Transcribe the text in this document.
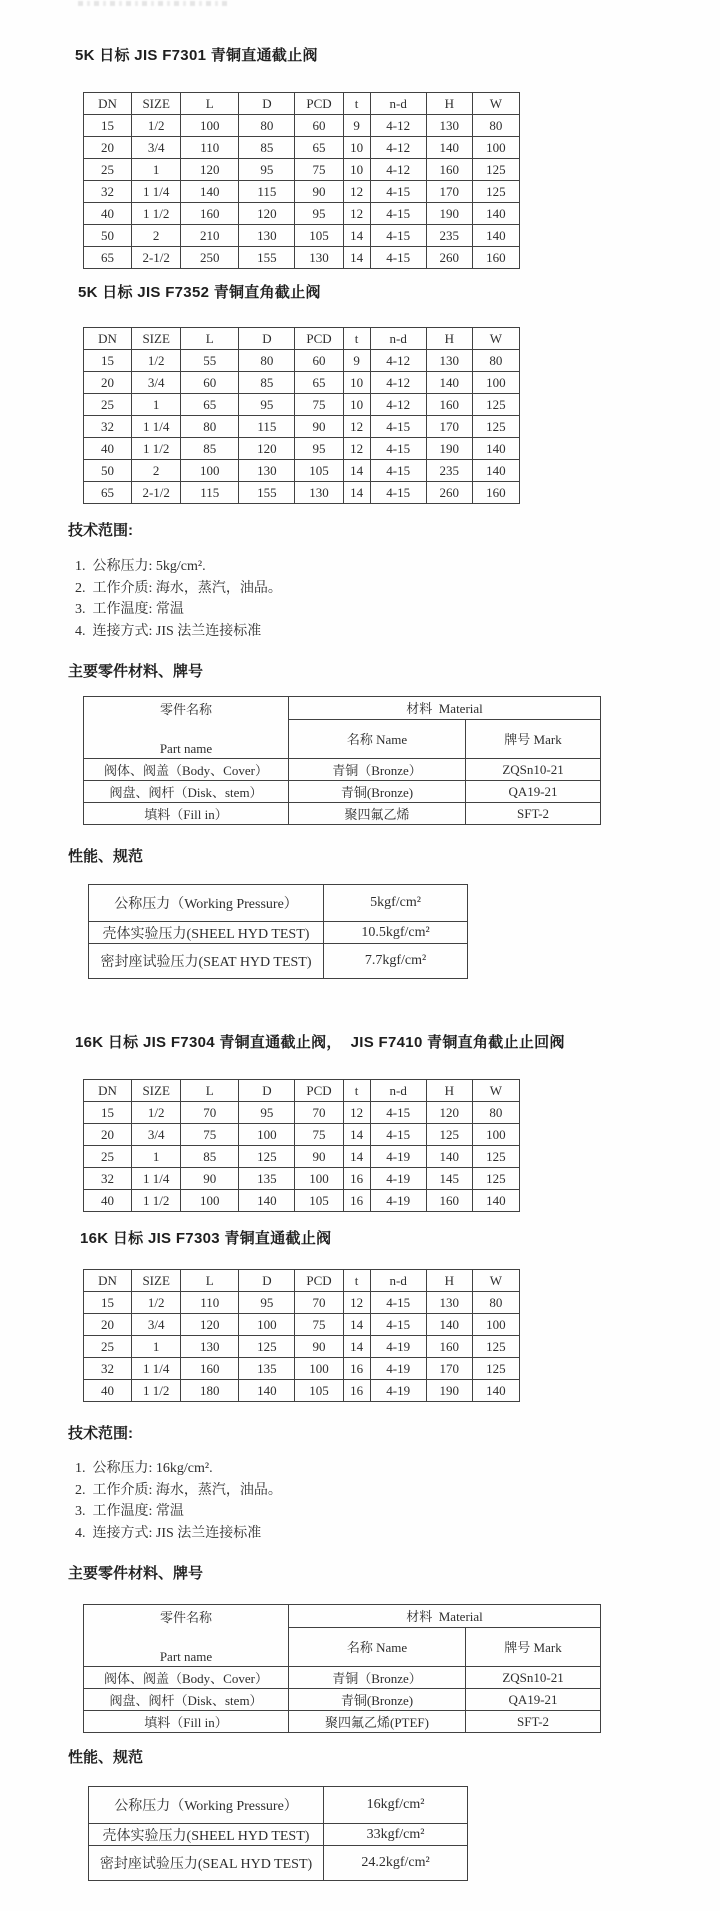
5K 日标 JIS F7301 青铜直通截止阀
DN	SIZE	L	D	PCD	t	n-d	H	W
15	1/2	100	80	60	9	4-12	130	80
20	3/4	110	85	65	10	4-12	140	100
25	1	120	95	75	10	4-12	160	125
32	1 1/4	140	115	90	12	4-15	170	125
40	1 1/2	160	120	95	12	4-15	190	140
50	2	210	130	105	14	4-15	235	140
65	2-1/2	250	155	130	14	4-15	260	160
5K 日标 JIS F7352 青铜直角截止阀
DN	SIZE	L	D	PCD	t	n-d	H	W
15	1/2	55	80	60	9	4-12	130	80
20	3/4	60	85	65	10	4-12	140	100
25	1	65	95	75	10	4-12	160	125
32	1 1/4	80	115	90	12	4-15	170	125
40	1 1/2	85	120	95	12	4-15	190	140
50	2	100	130	105	14	4-15	235	140
65	2-1/2	115	155	130	14	4-15	260	160
技术范围:
1.  公称压力: 5kg/cm².
2.  工作介质: 海水，蒸汽，油品。
3.  工作温度: 常温
4.  连接方式: JIS 法兰连接标准
主要零件材料、牌号
零件名称
Part name	材料  Material	
	名称 Name	牌号 Mark
阀体、阀盖（Body、Cover）	青铜（Bronze）	ZQSn10-21
阀盘、阀杆（Disk、stem）	青铜(Bronze)	QA19-21
填料（Fill in）	聚四氟乙烯	SFT-2
性能、规范
公称压力（Working Pressure）	5kgf/cm²
壳体实验压力(SHEEL HYD TEST)	10.5kgf/cm²
密封座试验压力(SEAT HYD TEST)	7.7kgf/cm²
16K 日标 JIS F7304 青铜直通截止阀，  JIS F7410 青铜直角截止止回阀
DN	SIZE	L	D	PCD	t	n-d	H	W
15	1/2	70	95	70	12	4-15	120	80
20	3/4	75	100	75	14	4-15	125	100
25	1	85	125	90	14	4-19	140	125
32	1 1/4	90	135	100	16	4-19	145	125
40	1 1/2	100	140	105	16	4-19	160	140
16K 日标 JIS F7303 青铜直通截止阀
DN	SIZE	L	D	PCD	t	n-d	H	W
15	1/2	110	95	70	12	4-15	130	80
20	3/4	120	100	75	14	4-15	140	100
25	1	130	125	90	14	4-19	160	125
32	1 1/4	160	135	100	16	4-19	170	125
40	1 1/2	180	140	105	16	4-19	190	140
技术范围:
1.  公称压力: 16kg/cm².
2.  工作介质: 海水，蒸汽，油品。
3.  工作温度: 常温
4.  连接方式: JIS 法兰连接标准
主要零件材料、牌号
零件名称
Part name	材料  Material	
	名称 Name	牌号 Mark
阀体、阀盖（Body、Cover）	青铜（Bronze）	ZQSn10-21
阀盘、阀杆（Disk、stem）	青铜(Bronze)	QA19-21
填料（Fill in）	聚四氟乙烯(PTEF)	SFT-2
性能、规范
公称压力（Working Pressure）	16kgf/cm²
壳体实验压力(SHEEL HYD TEST)	33kgf/cm²
密封座试验压力(SEAL HYD TEST)	24.2kgf/cm²
